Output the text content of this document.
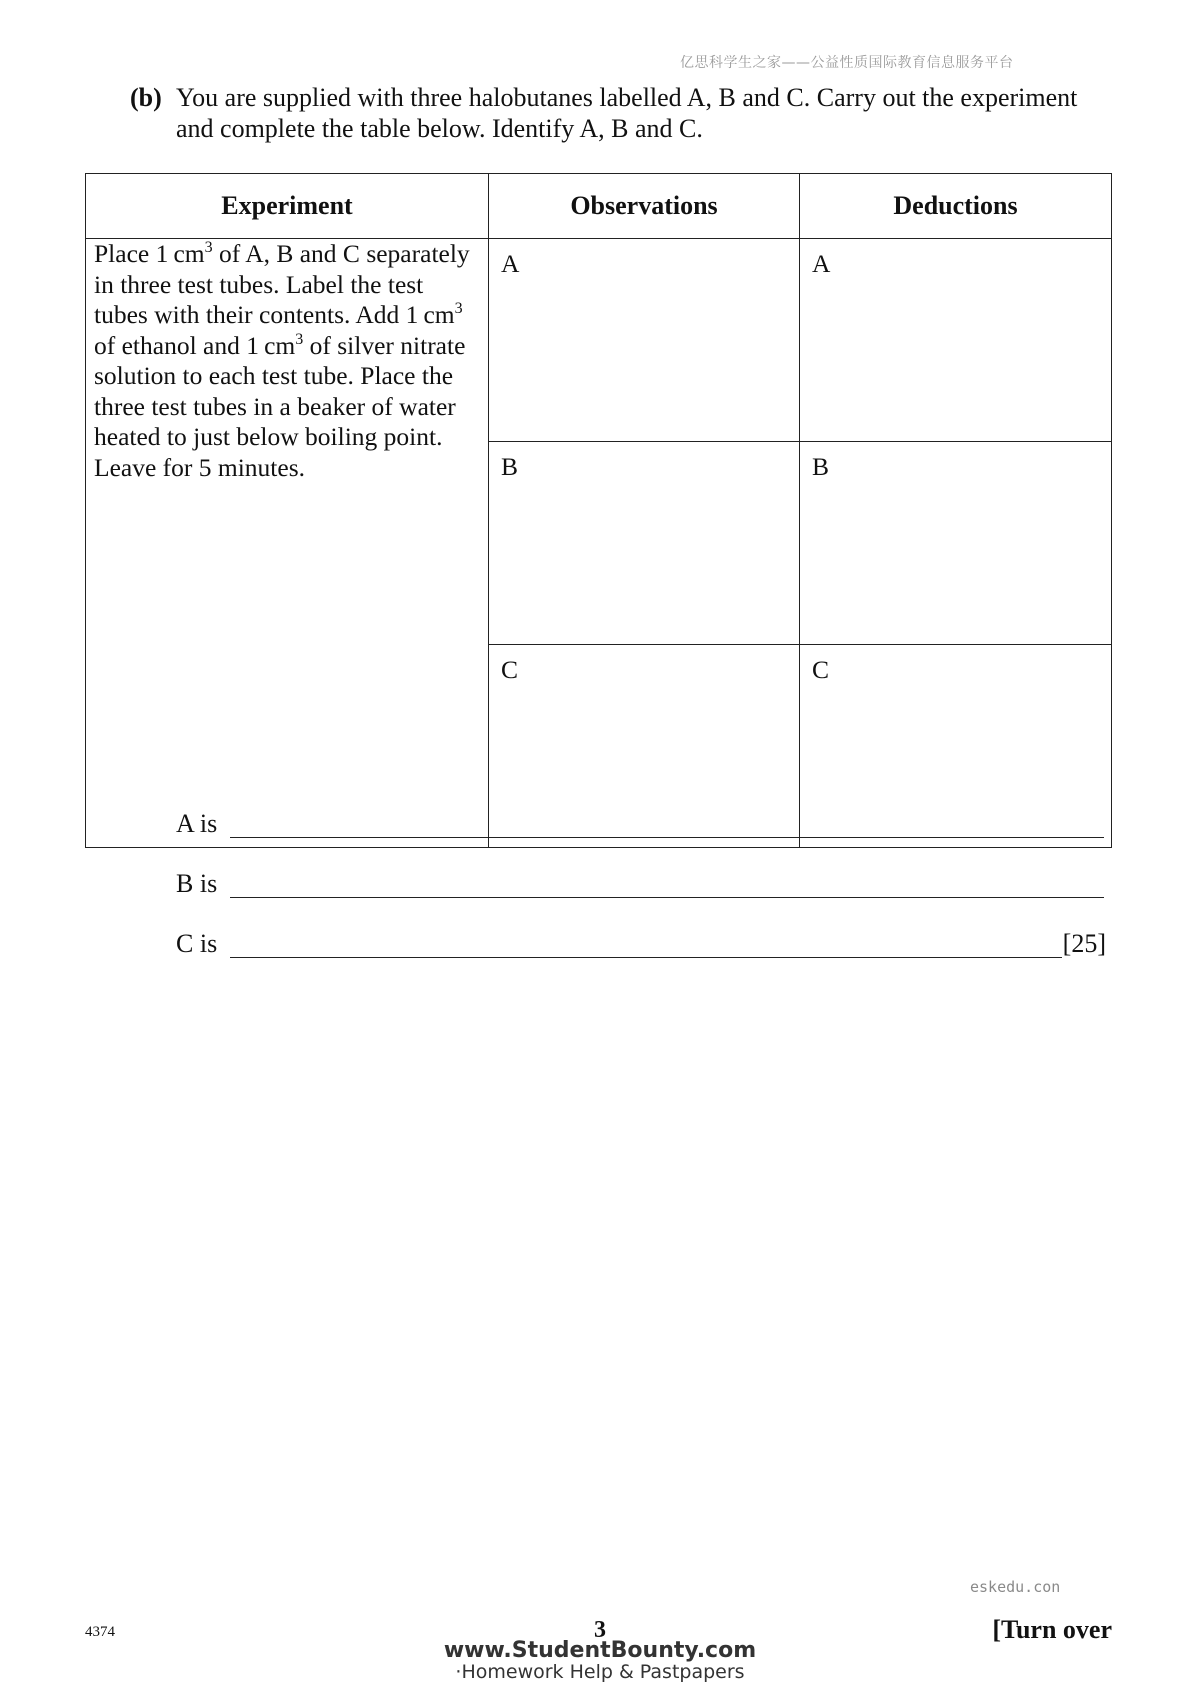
亿思科学生之家——公益性质国际教育信息服务平台
(b) You are supplied with three halobutanes labelled A, B and C. Carry out the experiment and complete the table below. Identify A, B and C.
Experiment	Observations	Deductions
Place 1 $cm^3$ of A, B and C separately in three test tubes. Label the test tubes with their contents. Add 1 $cm^3$ of ethanol and 1 $cm^3$ of silver nitrate solution to each test tube. Place the three test tubes in a beaker of water heated to just below boiling point. Leave for 5 minutes.	A	A
	B	B
	C	C
A is
B is
C is	[25]
eskedu.con
4374	3	[Turn over
www.StudentBounty.com
·Homework Help & Pastpapers
